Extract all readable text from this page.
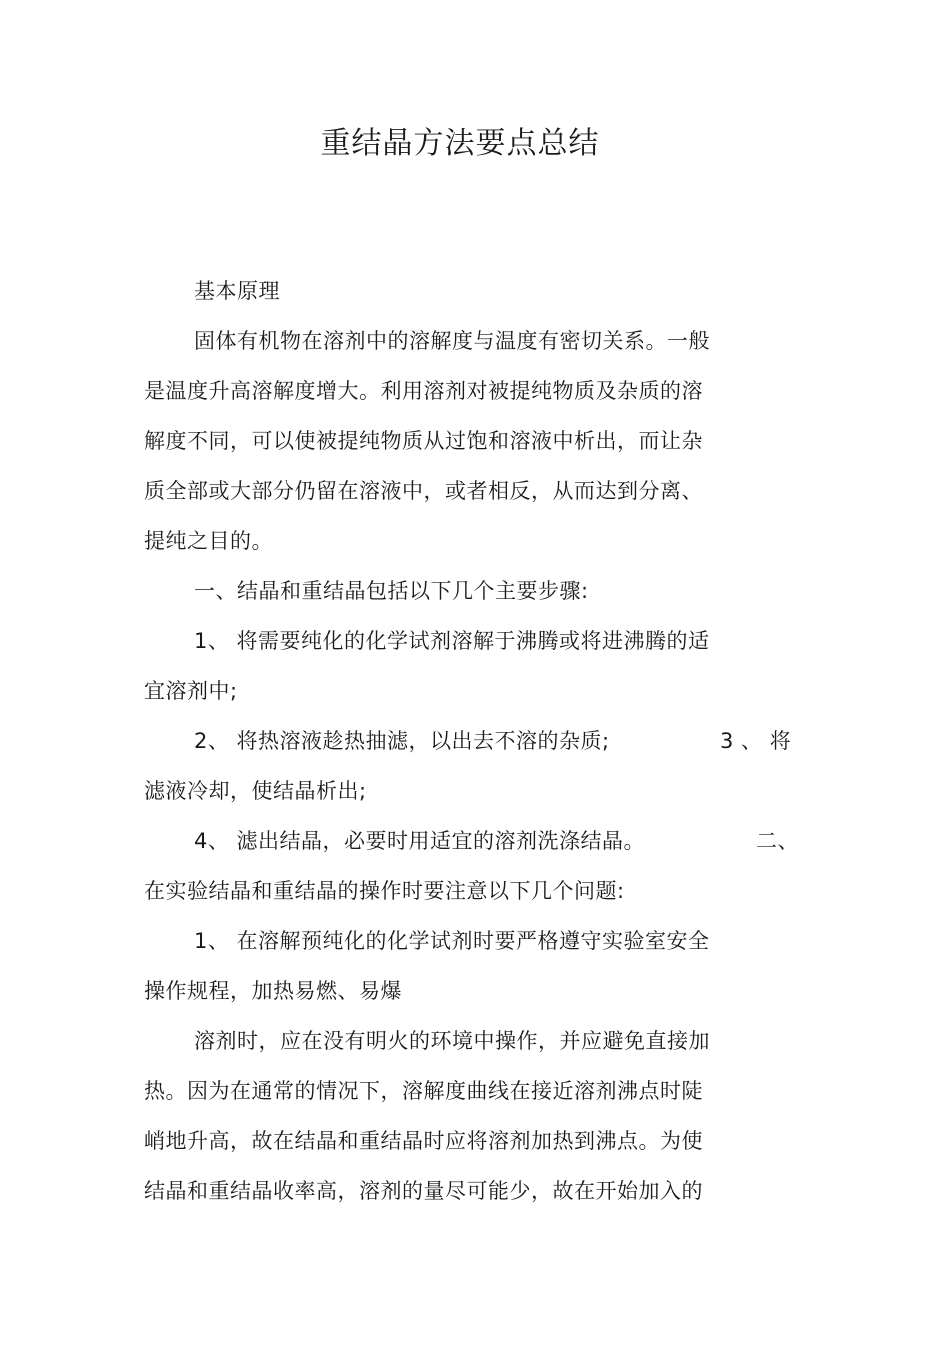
重结晶方法要点总结
基本原理
固体有机物在溶剂中的溶解度与温度有密切关系。一般
是温度升高溶解度增大。利用溶剂对被提纯物质及杂质的溶
解度不同，可以使被提纯物质从过饱和溶液中析出，而让杂
质全部或大部分仍留在溶液中，或者相反，从而达到分离、
提纯之目的。
一、结晶和重结晶包括以下几个主要步骤:
1、 将需要纯化的化学试剂溶解于沸腾或将进沸腾的适
宜溶剂中;
2、 将热溶液趁热抽滤，以出去不溶的杂质;	3 、 将
滤液冷却，使结晶析出;
4、 滤出结晶，必要时用适宜的溶剂洗涤结晶。	二、
在实验结晶和重结晶的操作时要注意以下几个问题:
1、 在溶解预纯化的化学试剂时要严格遵守实验室安全
操作规程，加热易燃、易爆
溶剂时，应在没有明火的环境中操作，并应避免直接加
热。因为在通常的情况下，溶解度曲线在接近溶剂沸点时陡
峭地升高，故在结晶和重结晶时应将溶剂加热到沸点。为使
结晶和重结晶收率高，溶剂的量尽可能少，故在开始加入的
